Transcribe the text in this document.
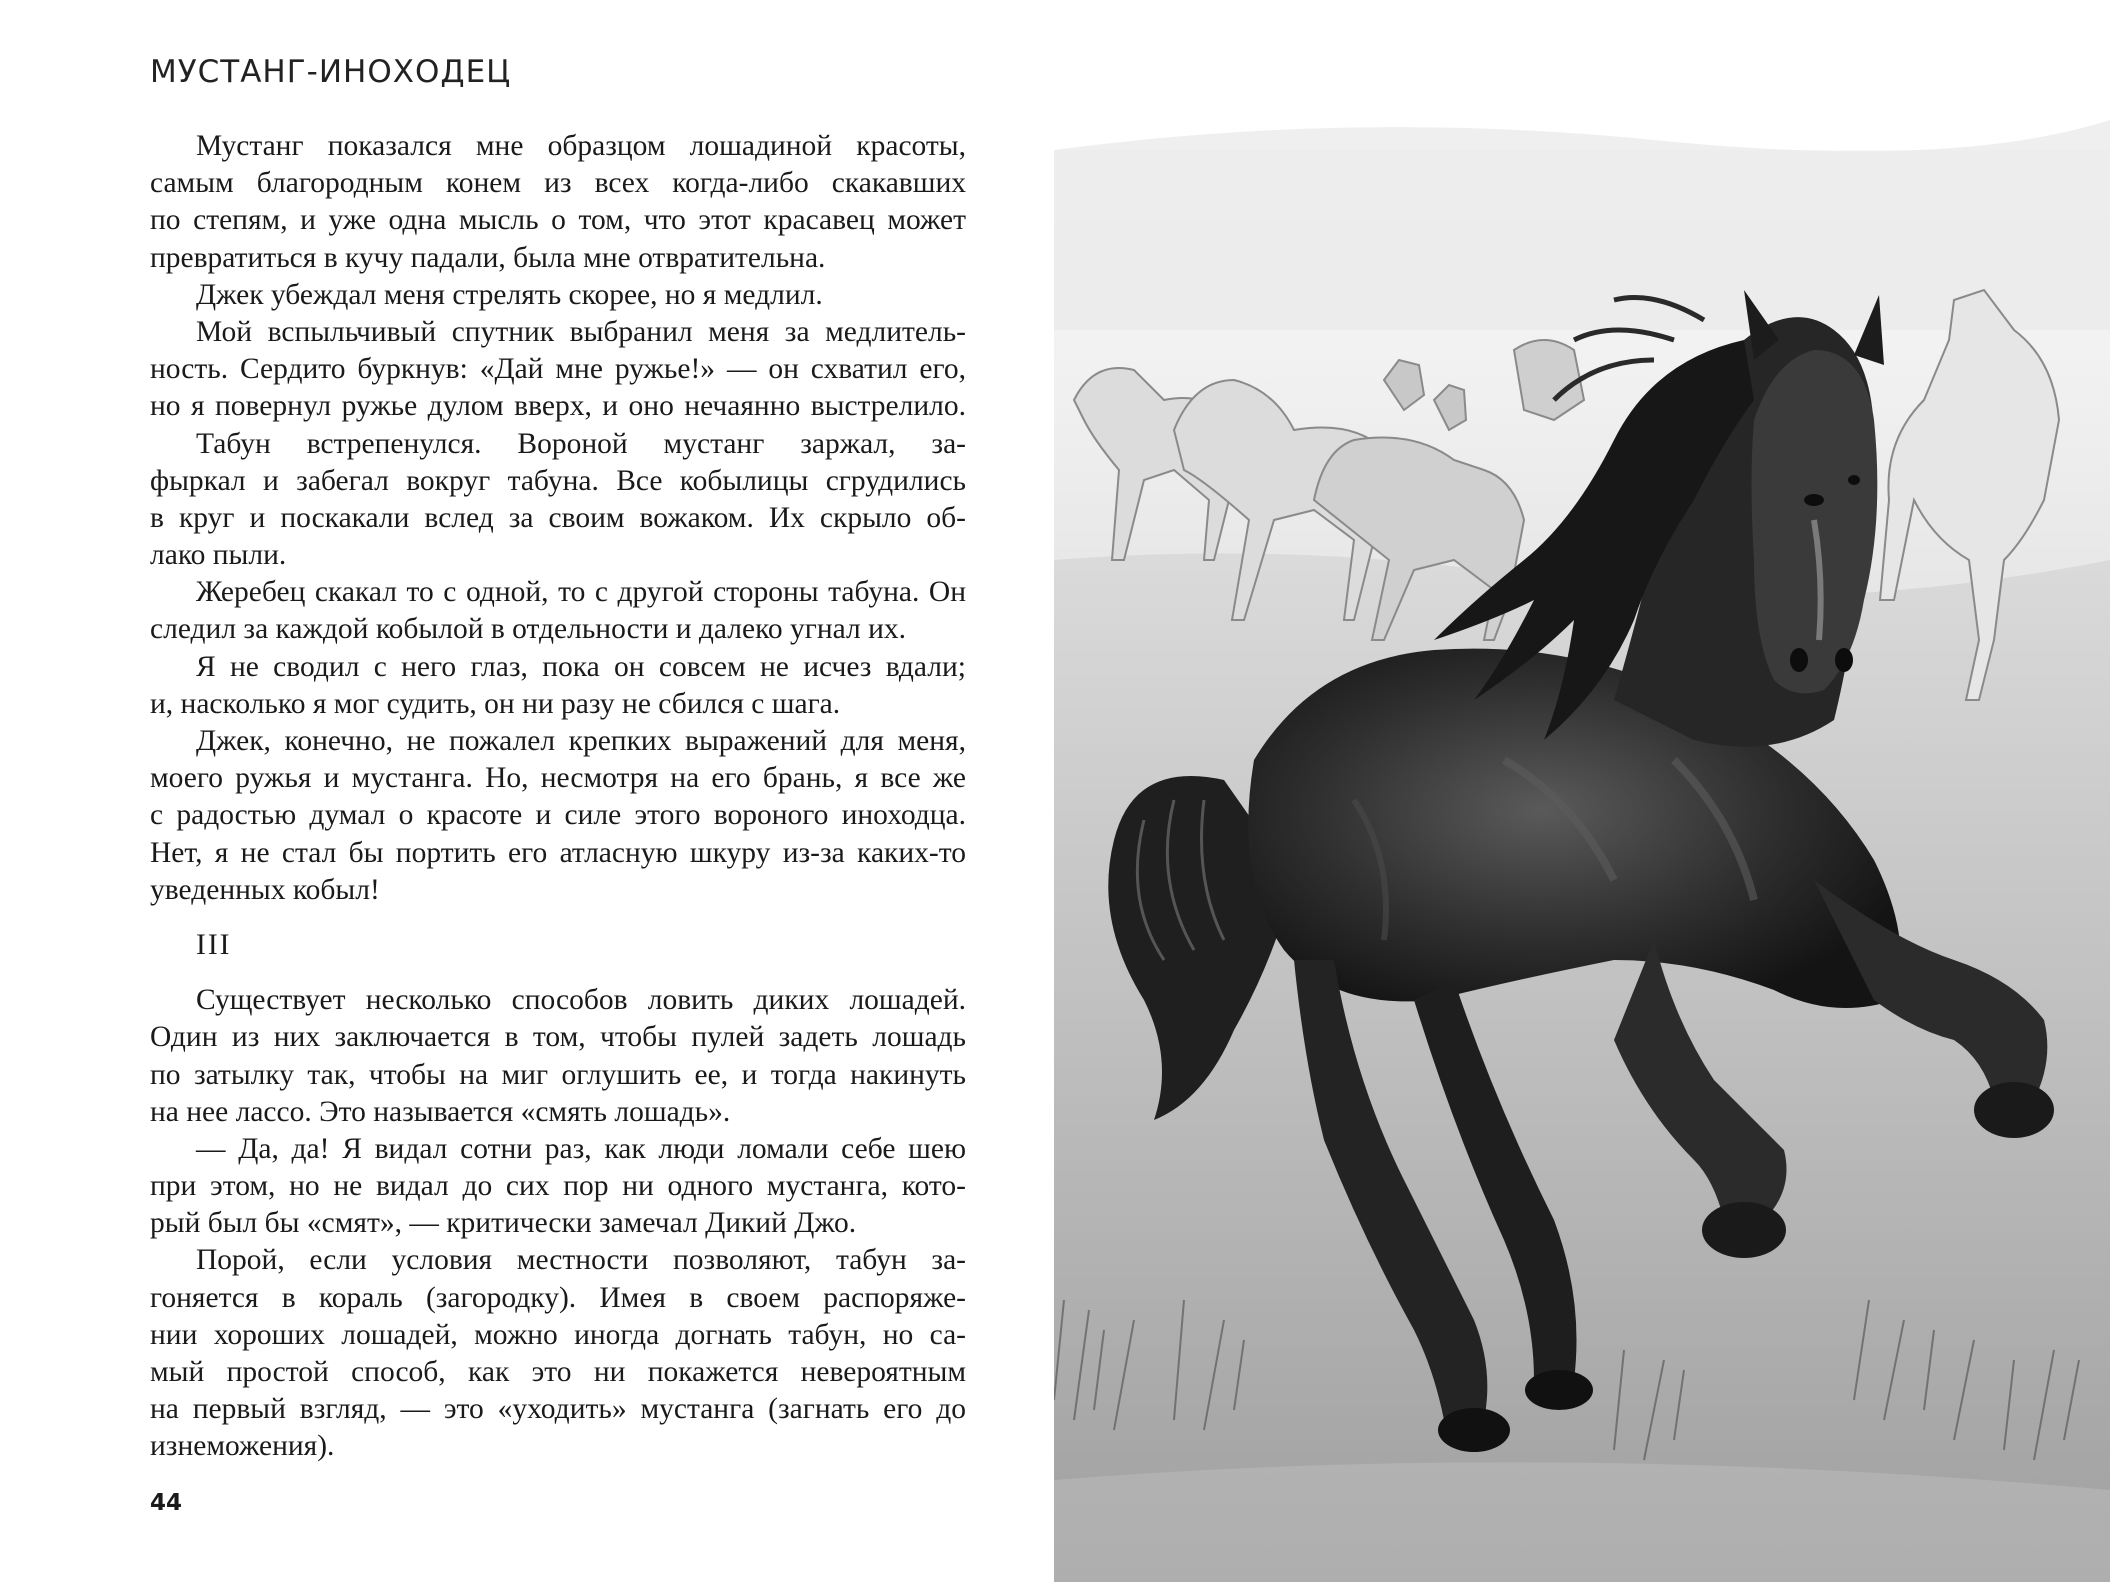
МУСТАНГ-ИНОХОДЕЦ
Мустанг показался мне образцом лошадиной красоты,
самым благородным конем из всех когда-либо скакавших
по степям, и уже одна мысль о том, что этот красавец может
превратиться в кучу падали, была мне отвратительна.
Джек убеждал меня стрелять скорее, но я медлил.
Мой вспыльчивый спутник выбранил меня за медлитель-
ность. Сердито буркнув: «Дай мне ружье!» — он схватил его,
но я повернул ружье дулом вверх, и оно нечаянно выстрелило.
Табун встрепенулся. Вороной мустанг заржал, за-
фыркал и забегал вокруг табуна. Все кобылицы сгрудились
в круг и поскакали вслед за своим вожаком. Их скрыло об-
лако пыли.
Жеребец скакал то с одной, то с другой стороны табуна. Он
следил за каждой кобылой в отдельности и далеко угнал их.
Я не сводил с него глаз, пока он совсем не исчез вдали;
и, насколько я мог судить, он ни разу не сбился с шага.
Джек, конечно, не пожалел крепких выражений для меня,
моего ружья и мустанга. Но, несмотря на его брань, я все же
с радостью думал о красоте и силе этого вороного иноходца.
Нет, я не стал бы портить его атласную шкуру из-за каких-то
уведенных кобыл!
III
Существует несколько способов ловить диких лошадей.
Один из них заключается в том, чтобы пулей задеть лошадь
по затылку так, чтобы на миг оглушить ее, и тогда накинуть
на нее лассо. Это называется «смять лошадь».
— Да, да! Я видал сотни раз, как люди ломали себе шею
при этом, но не видал до сих пор ни одного мустанга, кото-
рый был бы «смят», — критически замечал Дикий Джо.
Порой, если условия местности позволяют, табун за-
гоняется в кораль (загородку). Имея в своем распоряже-
нии хороших лошадей, можно иногда догнать табун, но са-
мый простой способ, как это ни покажется невероятным
на первый взгляд, — это «уходить» мустанга (загнать его до
изнеможения).
44
